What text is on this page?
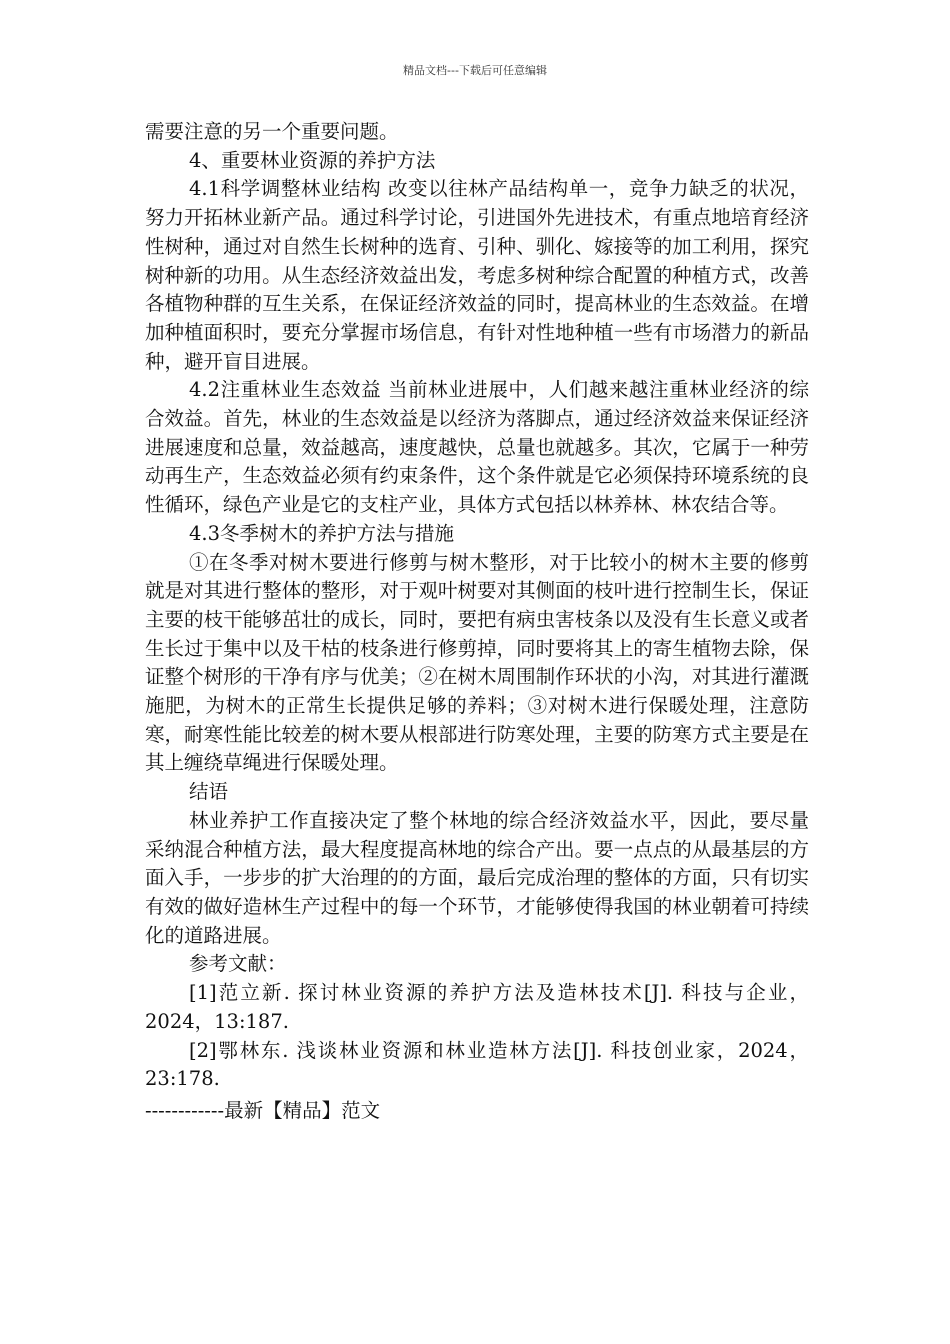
精品文档---下载后可任意编辑

需要注意的另一个重要问题。

4、重要林业资源的养护方法

4.1科学调整林业结构 改变以往林产品结构单一，竞争力缺乏的状况，努力开拓林业新产品。通过科学讨论，引进国外先进技术，有重点地培育经济性树种，通过对自然生长树种的选育、引种、驯化、嫁接等的加工利用，探究树种新的功用。从生态经济效益出发，考虑多树种综合配置的种植方式，改善各植物种群的互生关系，在保证经济效益的同时，提高林业的生态效益。在增加种植面积时，要充分掌握市场信息，有针对性地种植一些有市场潜力的新品种，避开盲目进展。

4.2注重林业生态效益 当前林业进展中，人们越来越注重林业经济的综合效益。首先，林业的生态效益是以经济为落脚点，通过经济效益来保证经济进展速度和总量，效益越高，速度越快，总量也就越多。其次，它属于一种劳动再生产，生态效益必须有约束条件，这个条件就是它必须保持环境系统的良性循环，绿色产业是它的支柱产业，具体方式包括以林养林、林农结合等。

4.3冬季树木的养护方法与措施

①在冬季对树木要进行修剪与树木整形，对于比较小的树木主要的修剪就是对其进行整体的整形，对于观叶树要对其侧面的枝叶进行控制生长，保证主要的枝干能够茁壮的成长，同时，要把有病虫害枝条以及没有生长意义或者生长过于集中以及干枯的枝条进行修剪掉，同时要将其上的寄生植物去除，保证整个树形的干净有序与优美；②在树木周围制作环状的小沟，对其进行灌溉施肥，为树木的正常生长提供足够的养料；③对树木进行保暖处理，注意防寒，耐寒性能比较差的树木要从根部进行防寒处理，主要的防寒方式主要是在其上缠绕草绳进行保暖处理。

结语

林业养护工作直接决定了整个林地的综合经济效益水平，因此，要尽量采纳混合种植方法，最大程度提高林地的综合产出。要一点点的从最基层的方面入手，一步步的扩大治理的的方面，最后完成治理的整体的方面，只有切实有效的做好造林生产过程中的每一个环节，才能够使得我国的林业朝着可持续化的道路进展。

参考文献：

[1]范立新. 探讨林业资源的养护方法及造林技术[J]. 科技与企业，2024，13:187.

[2]鄂林东. 浅谈林业资源和林业造林方法[J]. 科技创业家，2024，23:178.

------------最新【精品】范文
